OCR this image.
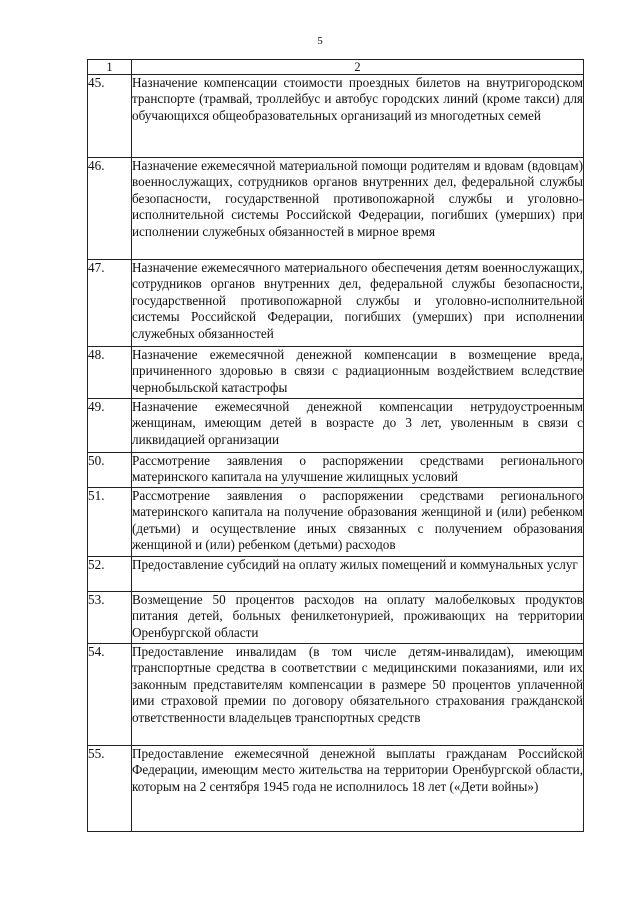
5
1	2
45.	Назначение компенсации стоимости проездных билетов на внутригородском транспорте (трамвай, троллейбус и автобус городских линий (кроме такси) для обучающихся общеобразовательных организаций из многодетных семей
46.	Назначение ежемесячной материальной помощи родителям и вдовам (вдовцам) военнослужащих, сотрудников органов внутренних дел, федеральной службы безопасности, государственной противопожарной службы и уголовно-исполнительной системы Российской Федерации, погибших (умерших) при исполнении служебных обязанностей в мирное время
47.	Назначение ежемесячного материального обеспечения детям военнослужащих, сотрудников органов внутренних дел, федеральной службы безопасности, государственной противопожарной службы и уголовно-исполнительной системы Российской Федерации, погибших (умерших) при исполнении служебных обязанностей
48.	Назначение ежемесячной денежной компенсации в возмещение вреда, причиненного здоровью в связи с радиационным воздействием вследствие чернобыльской катастрофы
49.	Назначение ежемесячной денежной компенсации нетрудоустроенным женщинам, имеющим детей в возрасте до 3 лет, уволенным в связи с ликвидацией организации
50.	Рассмотрение заявления о распоряжении средствами регионального материнского капитала на улучшение жилищных условий
51.	Рассмотрение заявления о распоряжении средствами регионального материнского капитала на получение образования женщиной и (или) ребенком (детьми) и осуществление иных связанных с получением образования женщиной и (или) ребенком (детьми) расходов
52.	Предоставление субсидий на оплату жилых помещений и коммунальных услуг
53.	Возмещение 50 процентов расходов на оплату малобелковых продуктов питания детей, больных фенилкетонурией, проживающих на территории Оренбургской области
54.	Предоставление инвалидам (в том числе детям-инвалидам), имеющим транспортные средства в соответствии с медицинскими показаниями, или их законным представителям компенсации в размере 50 процентов уплаченной ими страховой премии по договору обязательного страхования гражданской ответственности владельцев транспортных средств
55.	Предоставление ежемесячной денежной выплаты гражданам Российской Федерации, имеющим место жительства на территории Оренбургской области, которым на 2 сентября 1945 года не исполнилось 18 лет («Дети войны»)
